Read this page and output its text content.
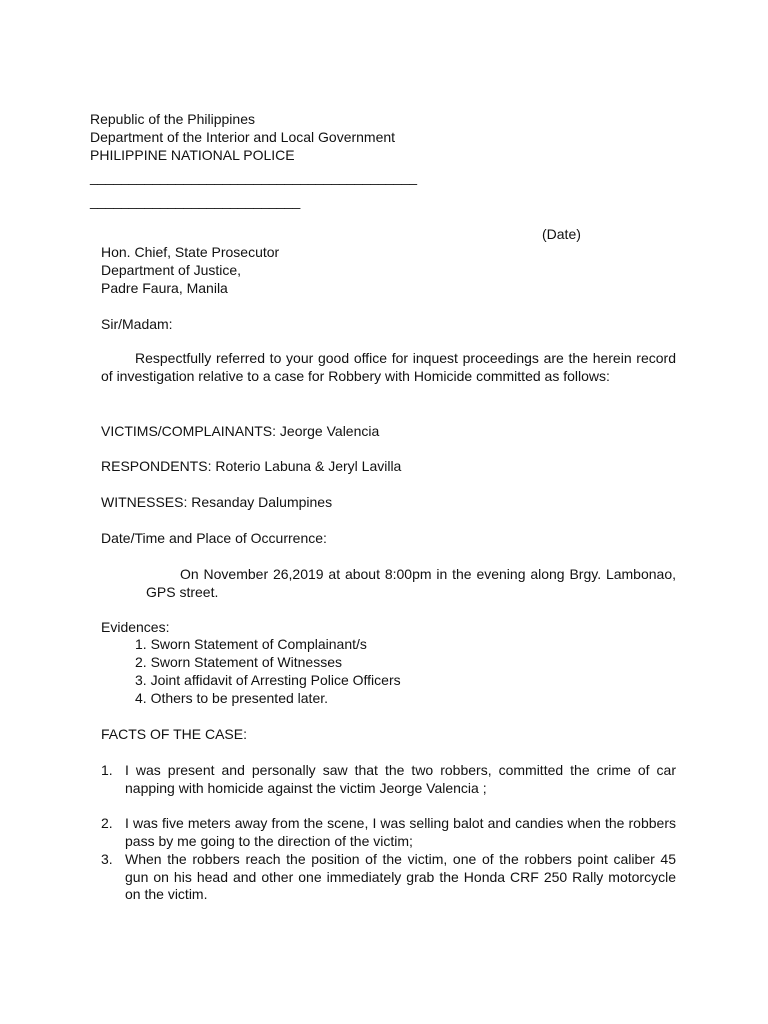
Republic of the Philippines
Department of the Interior and Local Government
PHILIPPINE NATIONAL POLICE
__________________________________________
___________________________
(Date)
Hon. Chief, State Prosecutor
Department of Justice,
Padre Faura, Manila
Sir/Madam:
Respectfully referred to your good office for inquest proceedings are the herein record of investigation relative to a case for Robbery with Homicide committed as follows:
VICTIMS/COMPLAINANTS: Jeorge Valencia
RESPONDENTS: Roterio Labuna & Jeryl Lavilla
WITNESSES: Resanday Dalumpines
Date/Time and Place of Occurrence:
On November 26,2019 at about 8:00pm in the evening along Brgy. Lambonao, GPS street.
Evidences:
1. Sworn Statement of Complainant/s
2. Sworn Statement of Witnesses
3. Joint affidavit of Arresting Police Officers
4. Others to be presented later.
FACTS OF THE CASE:
1. I was present and personally saw that the two robbers, committed the crime of car napping with homicide against the victim Jeorge Valencia ;
2. I was five meters away from the scene, I was selling balot and candies when the robbers pass by me going to the direction of the victim;
3. When the robbers reach the position of the victim, one of the robbers point caliber 45 gun on his head and other one immediately grab the Honda CRF 250 Rally motorcycle on the victim.
